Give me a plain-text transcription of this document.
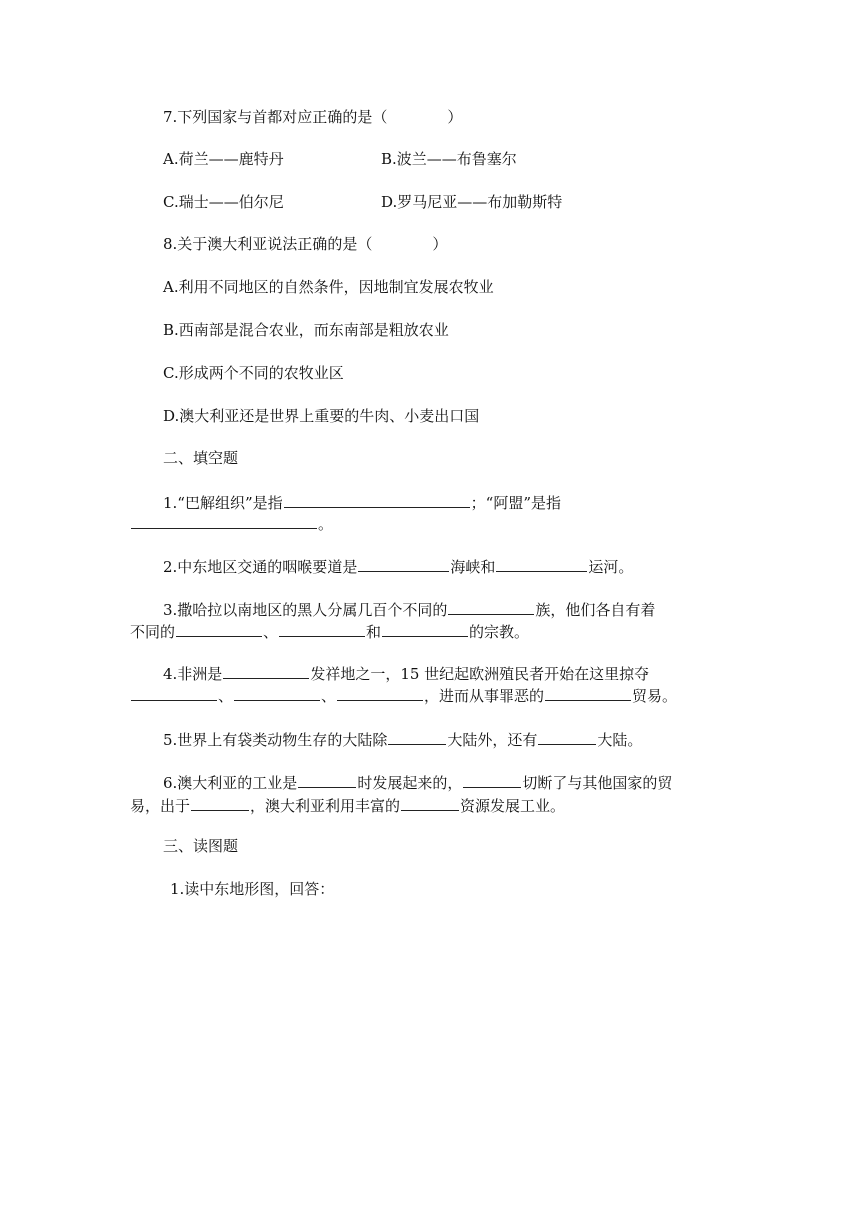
7.下列国家与首都对应正确的是（　　　　）
A.荷兰——鹿特丹	B.波兰——布鲁塞尔
C.瑞士——伯尔尼	D.罗马尼亚——布加勒斯特
8.关于澳大利亚说法正确的是（　　　　）
A.利用不同地区的自然条件，因地制宜发展农牧业
B.西南部是混合农业，而东南部是粗放农业
C.形成两个不同的农牧业区
D.澳大利亚还是世界上重要的牛肉、小麦出口国
二、填空题
1.“巴解组织”是指	；“阿盟”是指
。
2.中东地区交通的咽喉要道是	海峡和	运河。
3.撒哈拉以南地区的黑人分属几百个不同的	族，他们各自有着
不同的	、	和	的宗教。
4.非洲是	发祥地之一，15 世纪起欧洲殖民者开始在这里掠夺
、	、	，进而从事罪恶的	贸易。
5.世界上有袋类动物生存的大陆除	大陆外，还有	大陆。
6.澳大利亚的工业是	时发展起来的，	切断了与其他国家的贸
易，出于	，澳大利亚利用丰富的	资源发展工业。
三、读图题
1.读中东地形图，回答：
